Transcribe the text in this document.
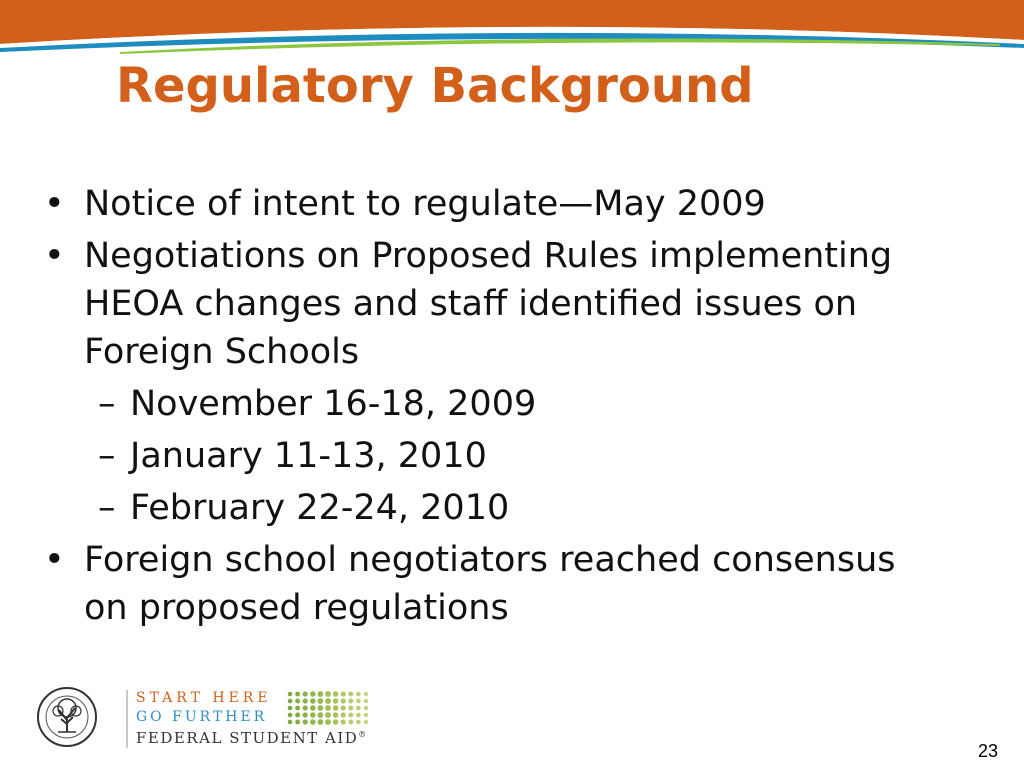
Regulatory Background

• Notice of intent to regulate—May 2009

• Negotiations on Proposed Rules implementing HEOA changes and staff identified issues on Foreign Schools

– November 16-18, 2009

– January 11-13, 2010

– February 22-24, 2010

• Foreign school negotiators reached consensus on proposed regulations

START HERE
GO FURTHER
FEDERAL STUDENT AID®
23
